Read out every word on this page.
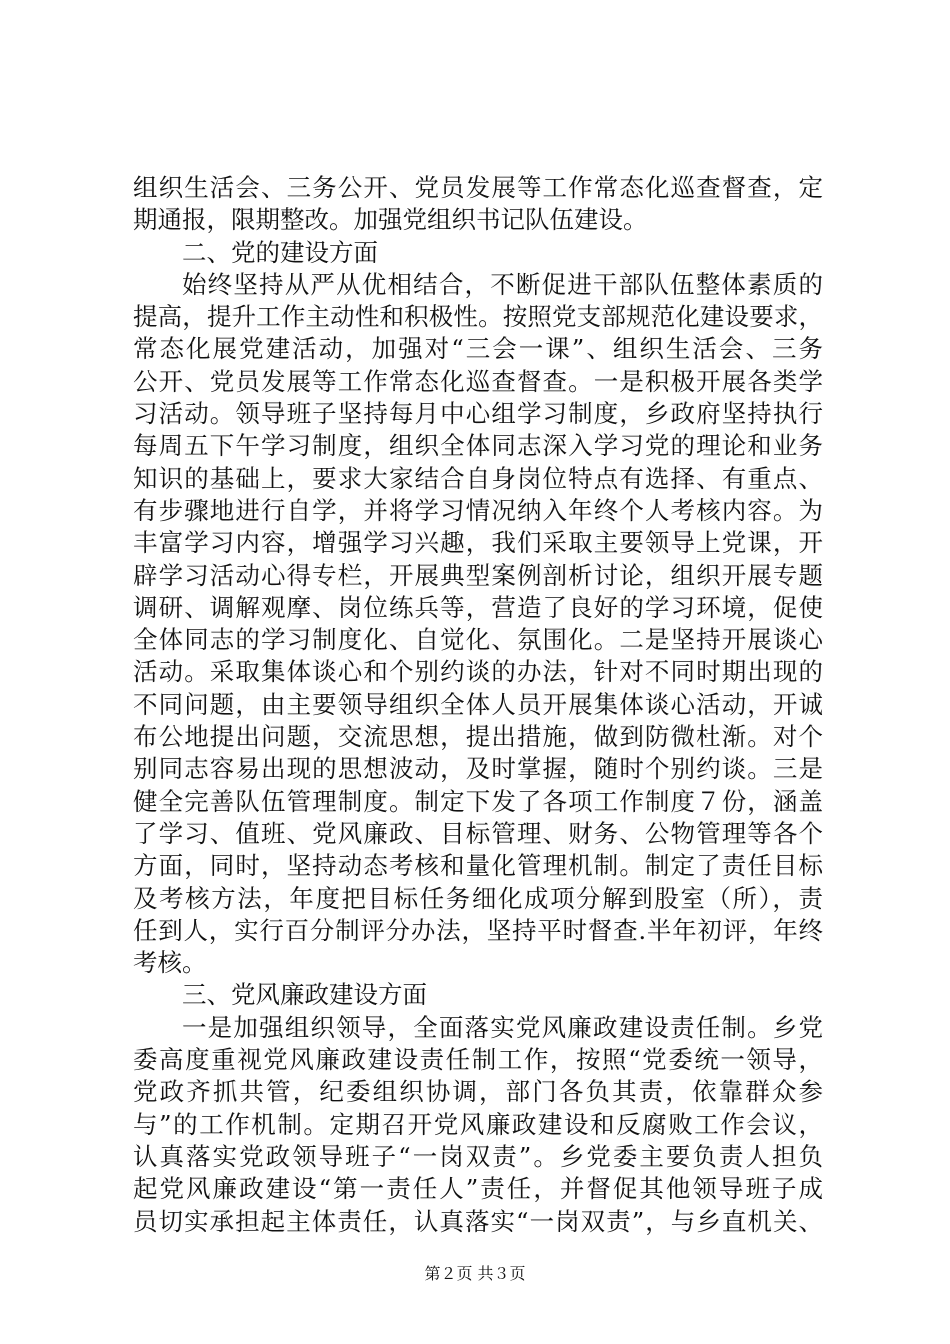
组织生活会、三务公开、党员发展等工作常态化巡查督查，定
期通报，限期整改。加强党组织书记队伍建设。
二、党的建设方面
始终坚持从严从优相结合，不断促进干部队伍整体素质的
提高，提升工作主动性和积极性。按照党支部规范化建设要求，
常态化展党建活动，加强对“三会一课”、组织生活会、三务
公开、党员发展等工作常态化巡查督查。一是积极开展各类学
习活动。领导班子坚持每月中心组学习制度，乡政府坚持执行
每周五下午学习制度，组织全体同志深入学习党的理论和业务
知识的基础上，要求大家结合自身岗位特点有选择、有重点、
有步骤地进行自学，并将学习情况纳入年终个人考核内容。为
丰富学习内容，增强学习兴趣，我们采取主要领导上党课，开
辟学习活动心得专栏，开展典型案例剖析讨论，组织开展专题
调研、调解观摩、岗位练兵等，营造了良好的学习环境，促使
全体同志的学习制度化、自觉化、氛围化。二是坚持开展谈心
活动。采取集体谈心和个别约谈的办法，针对不同时期出现的
不同问题，由主要领导组织全体人员开展集体谈心活动，开诚
布公地提出问题，交流思想，提出措施，做到防微杜渐。对个
别同志容易出现的思想波动，及时掌握，随时个别约谈。三是
健全完善队伍管理制度。制定下发了各项工作制度７份，涵盖
了学习、值班、党风廉政、目标管理、财务、公物管理等各个
方面，同时，坚持动态考核和量化管理机制。制定了责任目标
及考核方法，年度把目标任务细化成项分解到股室（所），责
任到人，实行百分制评分办法，坚持平时督查.半年初评，年终
考核。
三、党风廉政建设方面
一是加强组织领导，全面落实党风廉政建设责任制。乡党
委高度重视党风廉政建设责任制工作，按照“党委统一领导，
党政齐抓共管，纪委组织协调，部门各负其责，依靠群众参
与”的工作机制。定期召开党风廉政建设和反腐败工作会议，
认真落实党政领导班子“一岗双责”。乡党委主要负责人担负
起党风廉政建设“第一责任人”责任，并督促其他领导班子成
员切实承担起主体责任，认真落实“一岗双责”，与乡直机关、
第２页 共３页
